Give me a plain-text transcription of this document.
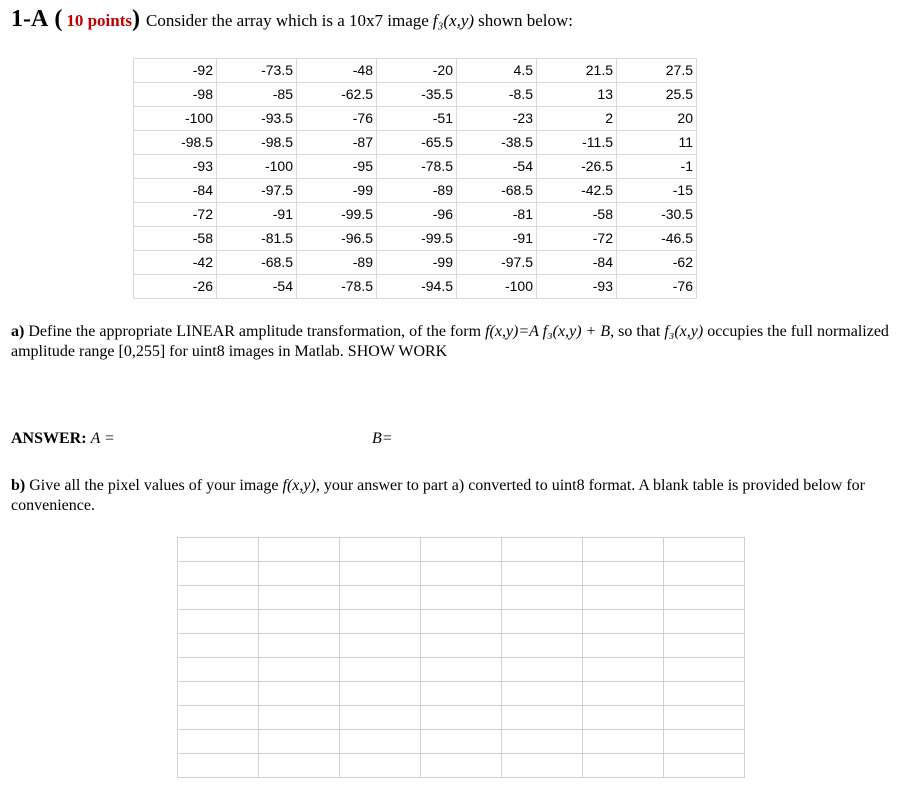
1-A ( 10 points) Consider the array which is a 10x7 image f₃(x,y) shown below:
-92	-73.5	-48	-20	4.5	21.5	27.5
-98	-85	-62.5	-35.5	-8.5	13	25.5
-100	-93.5	-76	-51	-23	2	20
-98.5	-98.5	-87	-65.5	-38.5	-11.5	11
-93	-100	-95	-78.5	-54	-26.5	-1
-84	-97.5	-99	-89	-68.5	-42.5	-15
-72	-91	-99.5	-96	-81	-58	-30.5
-58	-81.5	-96.5	-99.5	-91	-72	-46.5
-42	-68.5	-89	-99	-97.5	-84	-62
-26	-54	-78.5	-94.5	-100	-93	-76
a) Define the appropriate LINEAR amplitude transformation, of the form f(x,y)=A f₃(x,y) + B, so that f₃(x,y) occupies the full normalized amplitude range [0,255] for uint8 images in Matlab. SHOW WORK
ANSWER: A =	B=
b) Give all the pixel values of your image f(x,y), your answer to part a) converted to uint8 format. A blank table is provided below for convenience.
